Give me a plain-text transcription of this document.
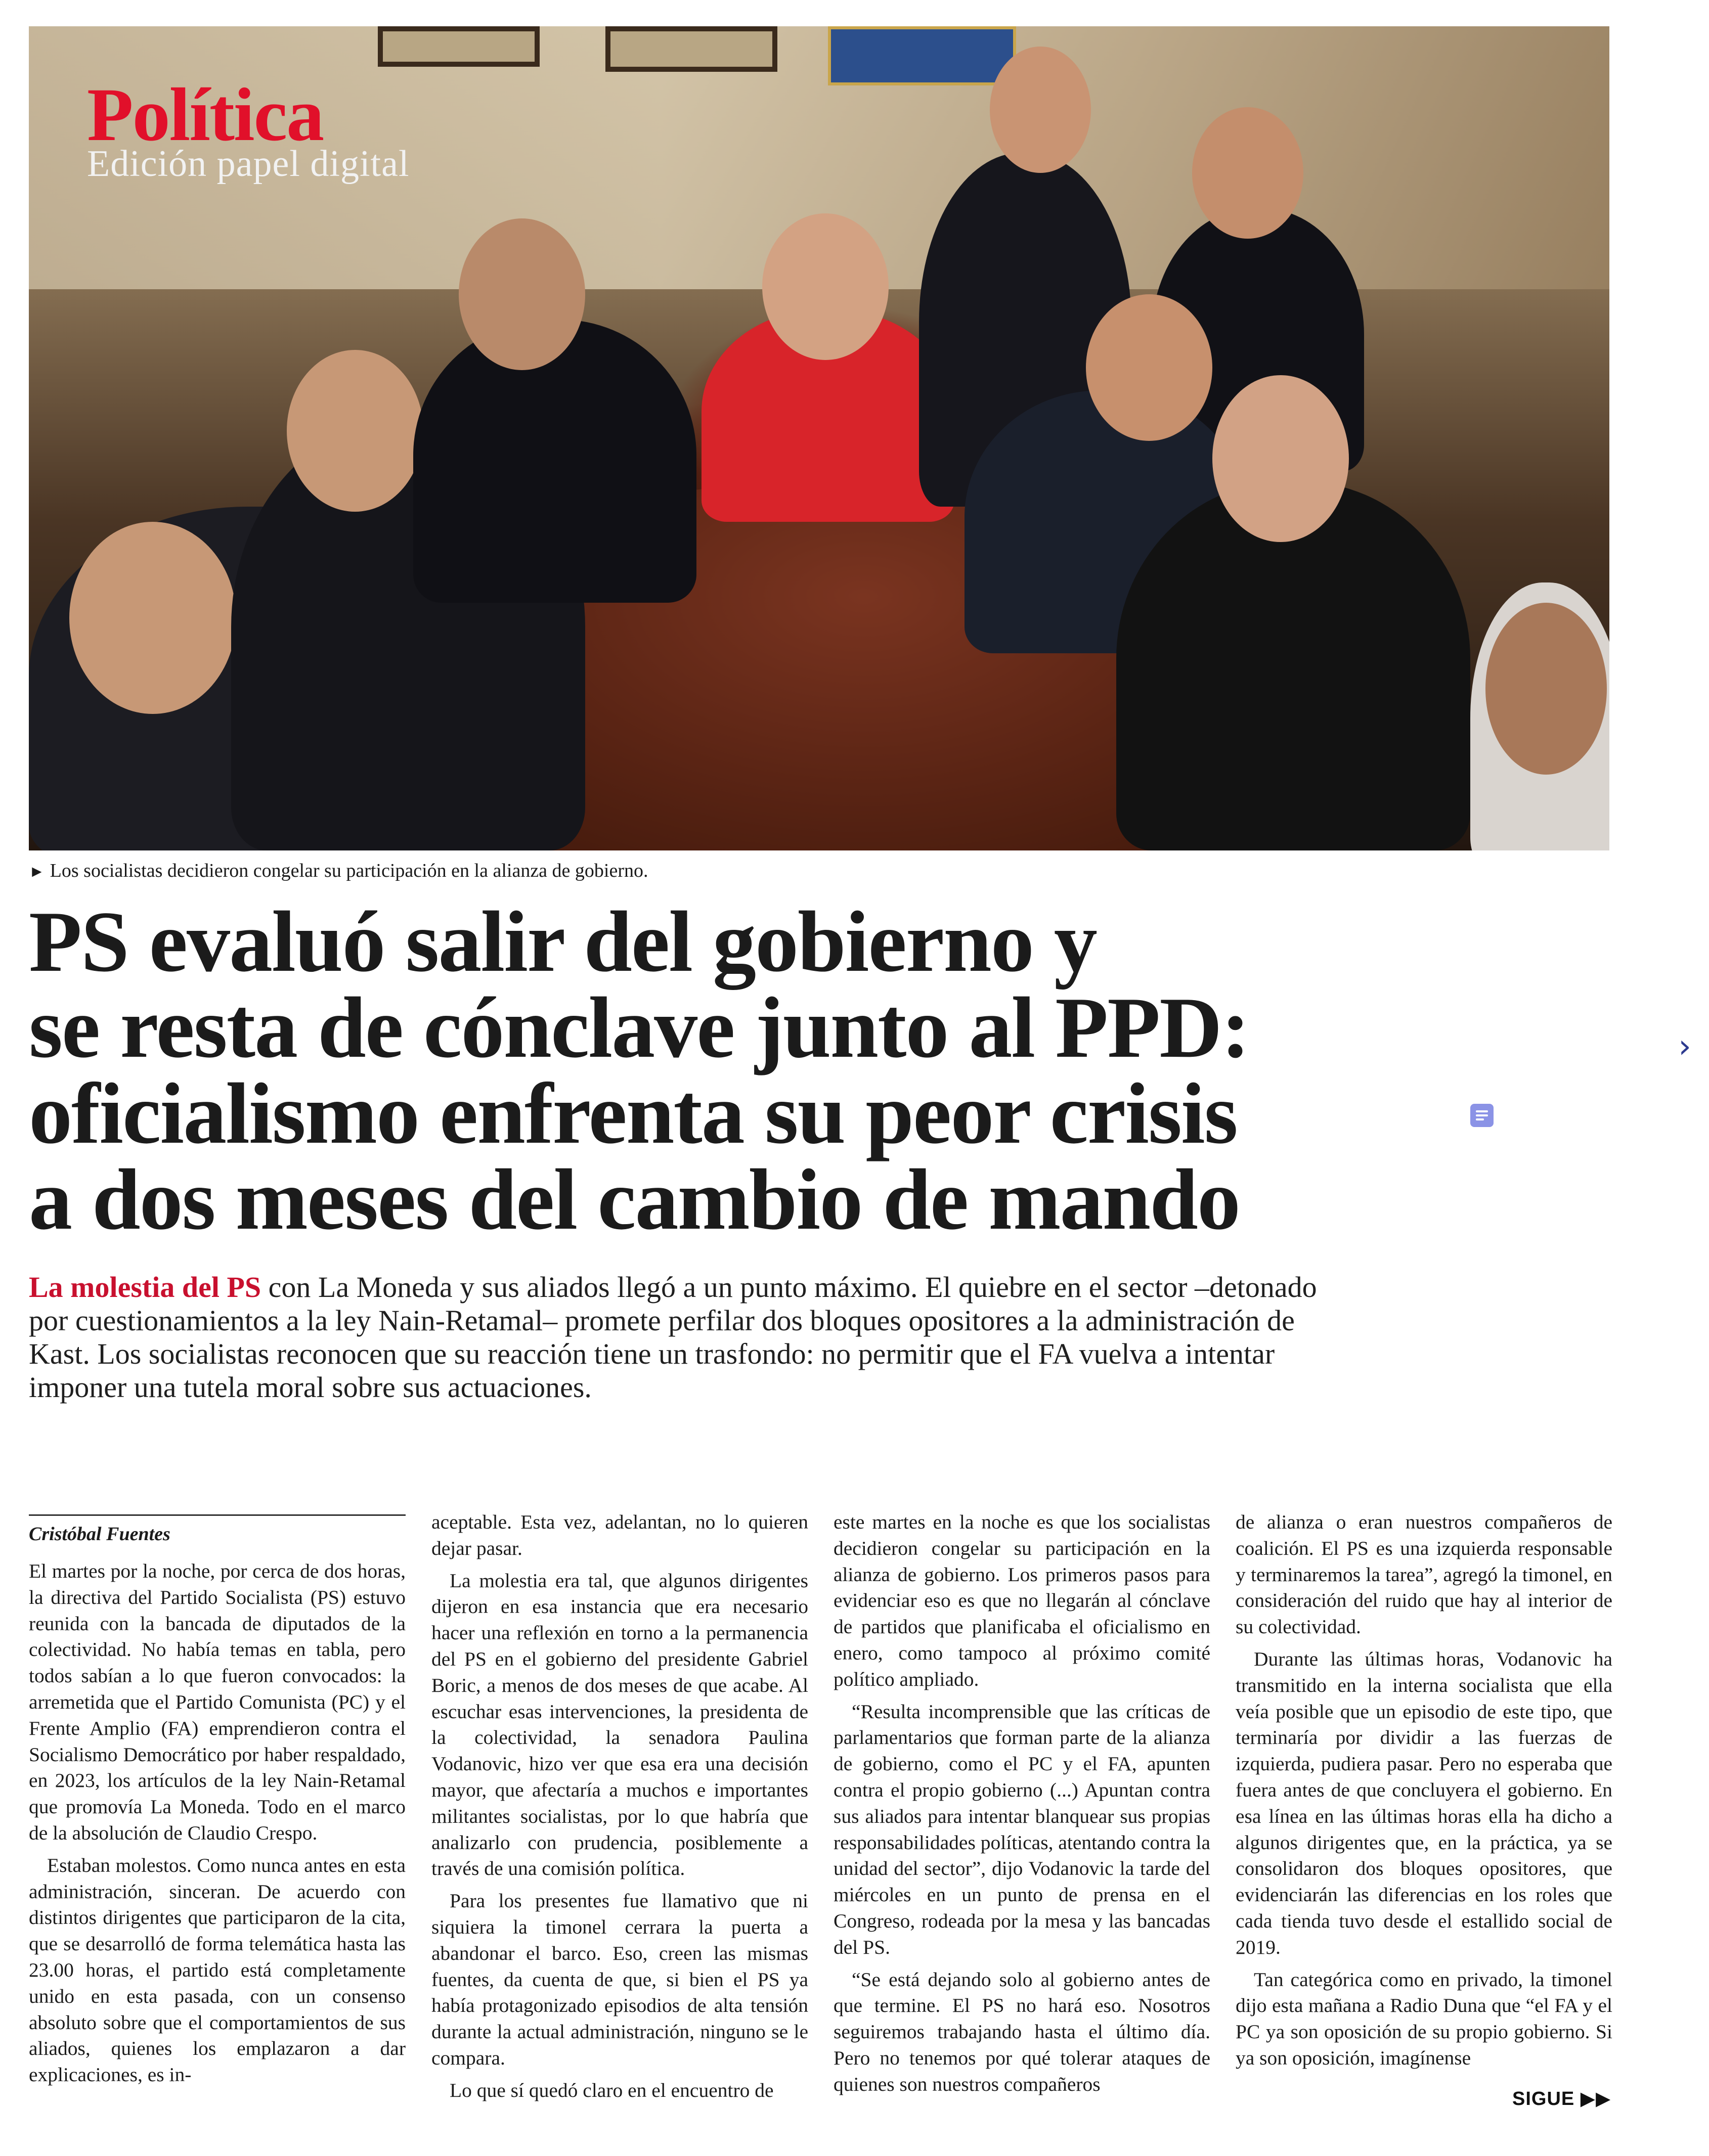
Política
Edición papel digital
► Los socialistas decidieron congelar su participación en la alianza de gobierno.
PS evaluó salir del gobierno y
se resta de cónclave junto al PPD:
oficialismo enfrenta su peor crisis
a dos meses del cambio de mando
La molestia del PS con La Moneda y sus aliados llegó a un punto máximo. El quiebre en el sector –detonado por cuestionamientos a la ley Nain-Retamal– promete perfilar dos bloques opositores a la administración de Kast. Los socialistas reconocen que su reacción tiene un trasfondo: no permitir que el FA vuelva a intentar imponer una tutela moral sobre sus actuaciones.
Cristóbal Fuentes

El martes por la noche, por cerca de dos horas, la directiva del Partido Socialista (PS) estuvo reunida con la bancada de diputados de la colectividad. No había temas en tabla, pero todos sabían a lo que fueron convocados: la arremetida que el Partido Comunista (PC) y el Frente Amplio (FA) emprendieron contra el Socialismo Democrático por haber respaldado, en 2023, los artículos de la ley Nain-Retamal que promovía La Moneda. Todo en el marco de la absolución de Claudio Crespo.

Estaban molestos. Como nunca antes en esta administración, sinceran. De acuerdo con distintos dirigentes que participaron de la cita, que se desarrolló de forma telemática hasta las 23.00 horas, el partido está completamente unido en esta pasada, con un consenso absoluto sobre que el comportamientos de sus aliados, quienes los emplazaron a dar explicaciones, es in-

aceptable. Esta vez, adelantan, no lo quieren dejar pasar.

La molestia era tal, que algunos dirigentes dijeron en esa instancia que era necesario hacer una reflexión en torno a la permanencia del PS en el gobierno del presidente Gabriel Boric, a menos de dos meses de que acabe. Al escuchar esas intervenciones, la presidenta de la colectividad, la senadora Paulina Vodanovic, hizo ver que esa era una decisión mayor, que afectaría a muchos e importantes militantes socialistas, por lo que habría que analizarlo con prudencia, posiblemente a través de una comisión política.

Para los presentes fue llamativo que ni siquiera la timonel cerrara la puerta a abandonar el barco. Eso, creen las mismas fuentes, da cuenta de que, si bien el PS ya había protagonizado episodios de alta tensión durante la actual administración, ninguno se le compara.

Lo que sí quedó claro en el encuentro de

este martes en la noche es que los socialistas decidieron congelar su participación en la alianza de gobierno. Los primeros pasos para evidenciar eso es que no llegarán al cónclave de partidos que planificaba el oficialismo en enero, como tampoco al próximo comité político ampliado.

“Resulta incomprensible que las críticas de parlamentarios que forman parte de la alianza de gobierno, como el PC y el FA, apunten contra el propio gobierno (...) Apuntan contra sus aliados para intentar blanquear sus propias responsabilidades políticas, atentando contra la unidad del sector”, dijo Vodanovic la tarde del miércoles en un punto de prensa en el Congreso, rodeada por la mesa y las bancadas del PS.

“Se está dejando solo al gobierno antes de que termine. El PS no hará eso. Nosotros seguiremos trabajando hasta el último día. Pero no tenemos por qué tolerar ataques de quienes son nuestros compañeros

de alianza o eran nuestros compañeros de coalición. El PS es una izquierda responsable y terminaremos la tarea”, agregó la timonel, en consideración del ruido que hay al interior de su colectividad.

Durante las últimas horas, Vodanovic ha transmitido en la interna socialista que ella veía posible que un episodio de este tipo, que terminaría por dividir a las fuerzas de izquierda, pudiera pasar. Pero no esperaba que fuera antes de que concluyera el gobierno. En esa línea en las últimas horas ella ha dicho a algunos dirigentes que, en la práctica, ya se consolidaron dos bloques opositores, que evidenciarán las diferencias en los roles que cada tienda tuvo desde el estallido social de 2019.

Tan categórica como en privado, la timonel dijo esta mañana a Radio Duna que “el FA y el PC ya son oposición de su propio gobierno. Si ya son oposición, imagínense

SIGUE ▶▶
›
